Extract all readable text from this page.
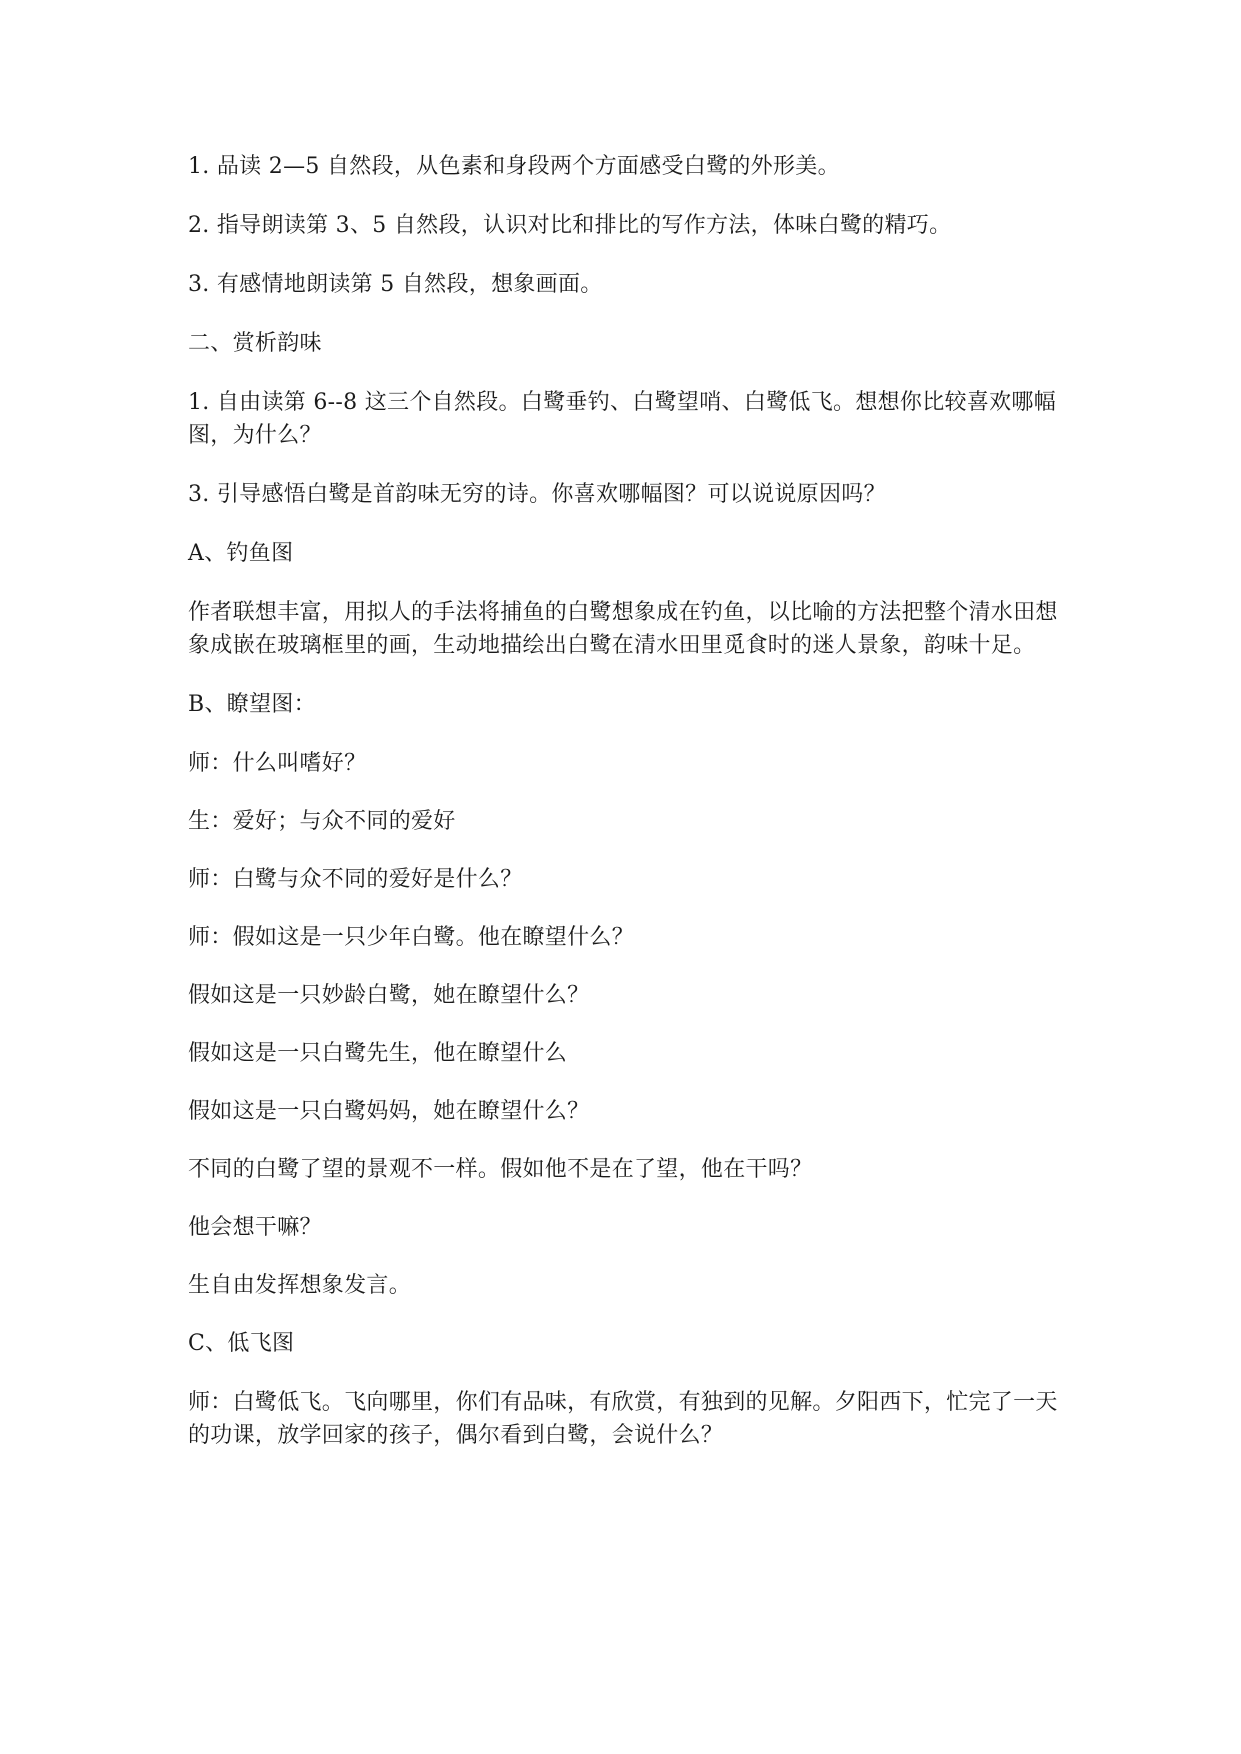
1. 品读 2—5 自然段，从色素和身段两个方面感受白鹭的外形美。

2. 指导朗读第 3、5 自然段，认识对比和排比的写作方法，体味白鹭的精巧。

3. 有感情地朗读第 5 自然段，想象画面。

二、赏析韵味

1. 自由读第 6--8 这三个自然段。白鹭垂钓、白鹭望哨、白鹭低飞。想想你比较喜欢哪幅图，为什么？

3. 引导感悟白鹭是首韵味无穷的诗。你喜欢哪幅图？可以说说原因吗？

A、钓鱼图

作者联想丰富，用拟人的手法将捕鱼的白鹭想象成在钓鱼，以比喻的方法把整个清水田想象成嵌在玻璃框里的画，生动地描绘出白鹭在清水田里觅食时的迷人景象，韵味十足。

B、瞭望图：

师：什么叫嗜好？

生：爱好；与众不同的爱好

师：白鹭与众不同的爱好是什么？

师：假如这是一只少年白鹭。他在瞭望什么？

假如这是一只妙龄白鹭，她在瞭望什么？

假如这是一只白鹭先生，他在瞭望什么

假如这是一只白鹭妈妈，她在瞭望什么？

不同的白鹭了望的景观不一样。假如他不是在了望，他在干吗？

他会想干嘛？

生自由发挥想象发言。

C、低飞图

师：白鹭低飞。飞向哪里，你们有品味，有欣赏，有独到的见解。夕阳西下，忙完了一天的功课，放学回家的孩子，偶尔看到白鹭，会说什么？
